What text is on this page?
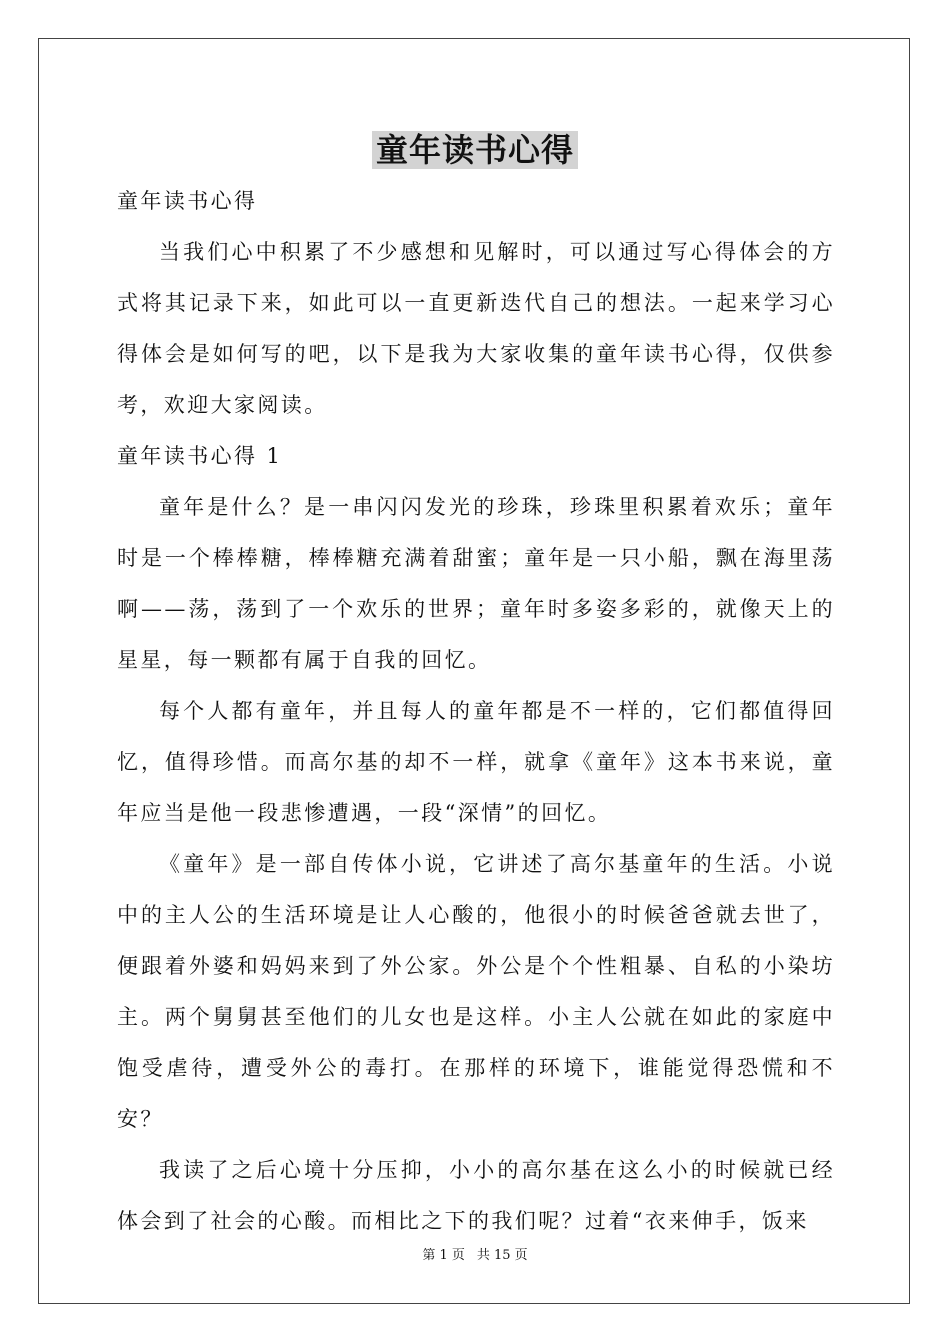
童年读书心得

童年读书心得

当我们心中积累了不少感想和见解时，可以通过写心得体会的方式将其记录下来，如此可以一直更新迭代自己的想法。一起来学习心得体会是如何写的吧，以下是我为大家收集的童年读书心得，仅供参考，欢迎大家阅读。

童年读书心得 1

童年是什么？是一串闪闪发光的珍珠，珍珠里积累着欢乐；童年时是一个棒棒糖，棒棒糖充满着甜蜜；童年是一只小船，飘在海里荡啊——荡，荡到了一个欢乐的世界；童年时多姿多彩的，就像天上的星星，每一颗都有属于自我的回忆。

每个人都有童年，并且每人的童年都是不一样的，它们都值得回忆，值得珍惜。而高尔基的却不一样，就拿《童年》这本书来说，童年应当是他一段悲惨遭遇，一段“深情”的回忆。

《童年》是一部自传体小说，它讲述了高尔基童年的生活。小说中的主人公的生活环境是让人心酸的，他很小的时候爸爸就去世了，便跟着外婆和妈妈来到了外公家。外公是个个性粗暴、自私的小染坊主。两个舅舅甚至他们的儿女也是这样。小主人公就在如此的家庭中饱受虐待，遭受外公的毒打。在那样的环境下，谁能觉得恐慌和不安？

我读了之后心境十分压抑，小小的高尔基在这么小的时候就已经体会到了社会的心酸。而相比之下的我们呢？过着“衣来伸手，饭来

第 1 页 共 15 页
